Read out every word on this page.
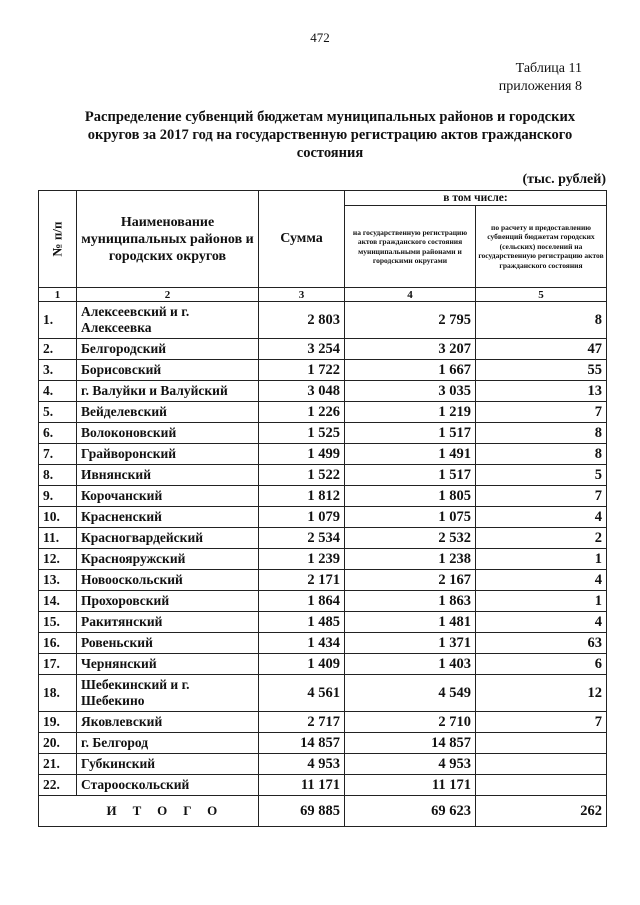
472
Таблица 11
приложения 8
Распределение субвенций бюджетам муниципальных районов и городских округов за 2017 год на государственную регистрацию актов гражданского состояния
(тыс. рублей)
№ п/п	Наименование муниципальных районов и городских округов	Сумма	в том числе:	
			на государственную регистрацию актов гражданского состояния муниципальными районами и городскими округами	по расчету и предоставлению субвенций бюджетам городских (сельских) поселений на государственную регистрацию актов гражданского состояния
1	2	3	4	5
1.	Алексеевский и г. Алексеевка	2 803	2 795	8
2.	Белгородский	3 254	3 207	47
3.	Борисовский	1 722	1 667	55
4.	г. Валуйки и Валуйский	3 048	3 035	13
5.	Вейделевский	1 226	1 219	7
6.	Волоконовский	1 525	1 517	8
7.	Грайворонский	1 499	1 491	8
8.	Ивнянский	1 522	1 517	5
9.	Корочанский	1 812	1 805	7
10.	Красненский	1 079	1 075	4
11.	Красногвардейский	2 534	2 532	2
12.	Краснояружский	1 239	1 238	1
13.	Новооскольский	2 171	2 167	4
14.	Прохоровский	1 864	1 863	1
15.	Ракитянский	1 485	1 481	4
16.	Ровеньский	1 434	1 371	63
17.	Чернянский	1 409	1 403	6
18.	Шебекинский и г. Шебекино	4 561	4 549	12
19.	Яковлевский	2 717	2 710	7
20.	г. Белгород	14 857	14 857	
21.	Губкинский	4 953	4 953	
22.	Старооскольский	11 171	11 171	
	ИТОГО	69 885	69 623	262
